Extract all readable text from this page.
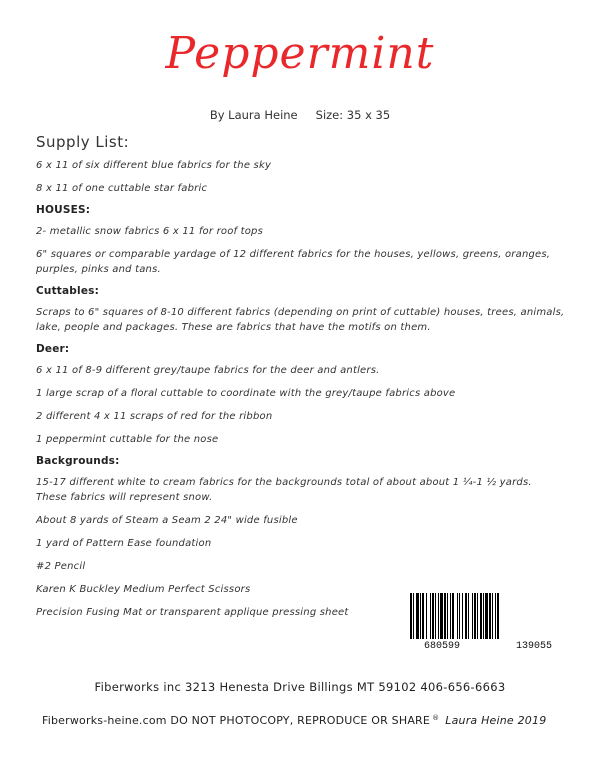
Peppermint
By Laura Heine Size: 35 x 35
Supply List:
6 x 11 of six different blue fabrics for the sky
8 x 11 of one cuttable star fabric
HOUSES:
2- metallic snow fabrics 6 x 11 for roof tops
6" squares or comparable yardage of 12 different fabrics for the houses, yellows, greens, oranges, purples, pinks and tans.
Cuttables:
Scraps to 6" squares of 8-10 different fabrics (depending on print of cuttable) houses, trees, animals, lake, people and packages. These are fabrics that have the motifs on them.
Deer:
6 x 11 of 8-9 different grey/taupe fabrics for the deer and antlers.
1 large scrap of a floral cuttable to coordinate with the grey/taupe fabrics above
2 different 4 x 11 scraps of red for the ribbon
1 peppermint cuttable for the nose
Backgrounds:
15-17 different white to cream fabrics for the backgrounds total of about about 1 ¼-1 ½ yards. These fabrics will represent snow.
About 8 yards of Steam a Seam 2 24" wide fusible
1 yard of Pattern Ease foundation
#2 Pencil
Karen K Buckley Medium Perfect Scissors
Precision Fusing Mat or transparent applique pressing sheet
680599	139055
Fiberworks inc 3213 Henesta Drive Billings MT 59102 406-656-6663
Fiberworks-heine.com DO NOT PHOTOCOPY, REPRODUCE OR SHARE ® Laura Heine 2019
